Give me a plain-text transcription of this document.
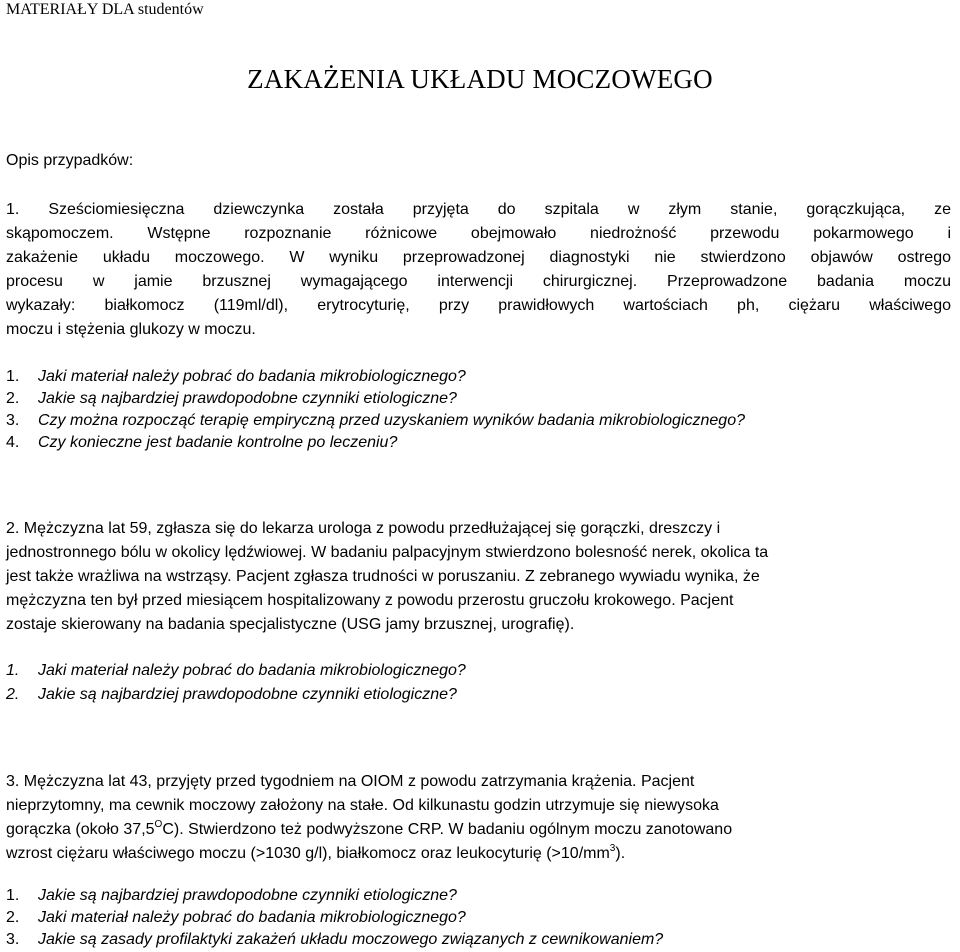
MATERIAŁY DLA studentów
ZAKAŻENIA UKŁADU MOCZOWEGO
Opis przypadków:
1. Sześciomiesięczna dziewczynka została przyjęta do szpitala w złym stanie, gorączkująca, ze
skąpomoczem. Wstępne rozpoznanie różnicowe obejmowało niedrożność przewodu pokarmowego i
zakażenie układu moczowego. W wyniku przeprowadzonej diagnostyki nie stwierdzono objawów ostrego
procesu w jamie brzusznej wymagającego interwencji chirurgicznej. Przeprowadzone badania moczu
wykazały: białkomocz (119ml/dl), erytrocyturię, przy prawidłowych wartościach ph, ciężaru właściwego
moczu i stężenia glukozy w moczu.
1. Jaki materiał należy pobrać do badania mikrobiologicznego?
2. Jakie są najbardziej prawdopodobne czynniki etiologiczne?
3. Czy można rozpocząć terapię empiryczną przed uzyskaniem wyników badania mikrobiologicznego?
4. Czy konieczne jest badanie kontrolne po leczeniu?
2. Mężczyzna lat 59, zgłasza się do lekarza urologa z powodu przedłużającej się gorączki, dreszczy i
jednostronnego bólu w okolicy lędźwiowej. W badaniu palpacyjnym stwierdzono bolesność nerek, okolica ta
jest także wrażliwa na wstrząsy. Pacjent zgłasza trudności w poruszaniu. Z zebranego wywiadu wynika, że
mężczyzna ten był przed miesiącem hospitalizowany z powodu przerostu gruczołu krokowego. Pacjent
zostaje skierowany na badania specjalistyczne (USG jamy brzusznej, urografię).
1. Jaki materiał należy pobrać do badania mikrobiologicznego?
2. Jakie są najbardziej prawdopodobne czynniki etiologiczne?
3. Mężczyzna lat 43, przyjęty przed tygodniem na OIOM z powodu zatrzymania krążenia. Pacjent
nieprzytomny, ma cewnik moczowy założony na stałe. Od kilkunastu godzin utrzymuje się niewysoka
gorączka (około $37,5^OC$). Stwierdzono też podwyższone CRP. W badaniu ogólnym moczu zanotowano
wzrost ciężaru właściwego moczu (>1030 g/l), białkomocz oraz leukocyturię $(>10/mm^3)$.
1. Jakie są najbardziej prawdopodobne czynniki etiologiczne?
2. Jaki materiał należy pobrać do badania mikrobiologicznego?
3. Jakie są zasady profilaktyki zakażeń układu moczowego związanych z cewnikowaniem?
